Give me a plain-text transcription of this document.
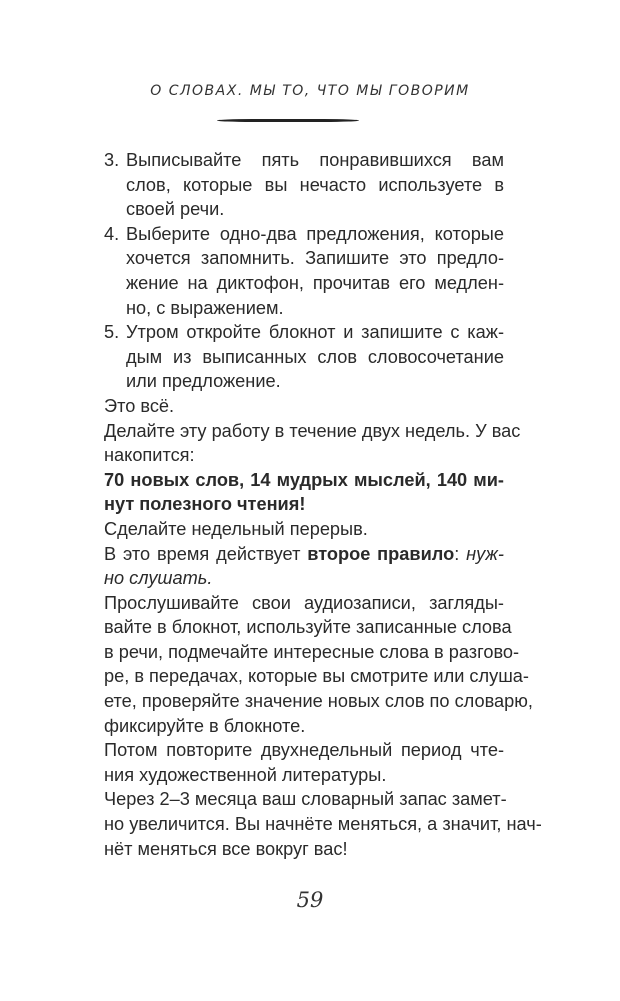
О СЛОВАХ. МЫ ТО, ЧТО МЫ ГОВОРИМ
3. Выписывайте пять понравившихся вам
слов, которые вы нечасто используете в
своей речи.
4. Выберите одно-два предложения, которые
хочется запомнить. Запишите это предло-
жение на диктофон, прочитав его медлен-
но, с выражением.
5. Утром откройте блокнот и запишите с каж-
дым из выписанных слов словосочетание
или предложение.
Это всё.
Делайте эту работу в течение двух недель. У вас
накопится:
70 новых слов, 14 мудрых мыслей, 140 ми-
нут полезного чтения!
Сделайте недельный перерыв.
В это время действует второе правило: нуж-
но слушать.
Прослушивайте свои аудиозаписи, загляды-
вайте в блокнот, используйте записанные слова
в речи, подмечайте интересные слова в разгово-
ре, в передачах, которые вы смотрите или слуша-
ете, проверяйте значение новых слов по словарю,
фиксируйте в блокноте.
Потом повторите двухнедельный период чте-
ния художественной литературы.
Через 2–3 месяца ваш словарный запас замет-
но увеличится. Вы начнёте меняться, а значит, нач-
нёт меняться все вокруг вас!
59
